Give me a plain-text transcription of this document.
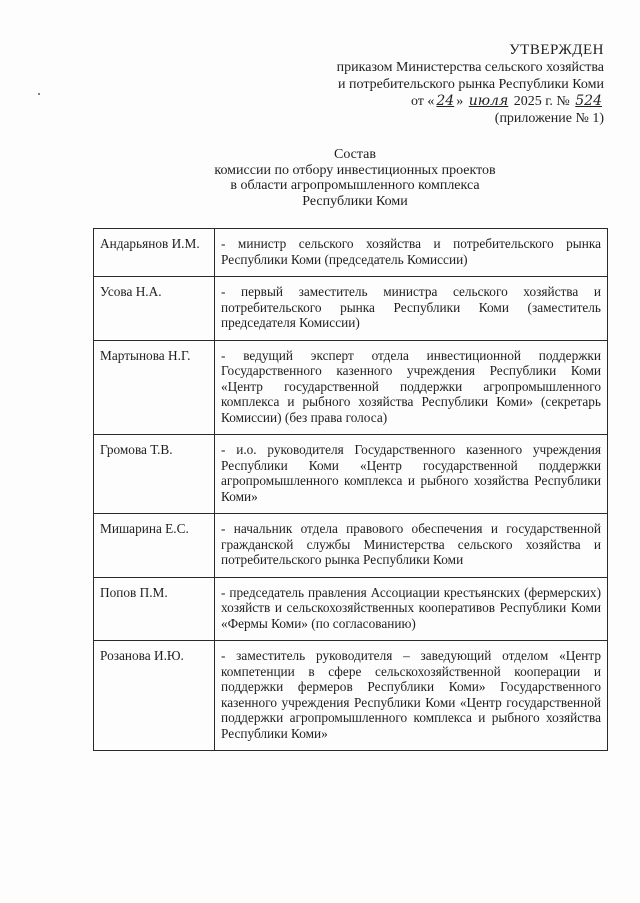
УТВЕРЖДЕН
приказом Министерства сельского хозяйства
и потребительского рынка Республики Коми
от « 24 » июля 2025 г. № 524
(приложение № 1)
Состав
комиссии по отбору инвестиционных проектов
в области агропромышленного комплекса
Республики Коми
Андарьянов И.М.	- министр сельского хозяйства и потребительского рынка Республики Коми (председатель Комиссии)
Усова Н.А.	- первый заместитель министра сельского хозяйства и потребительского рынка Республики Коми (заместитель председателя Комиссии)
Мартынова Н.Г.	- ведущий эксперт отдела инвестиционной поддержки Государственного казенного учреждения Республики Коми «Центр государственной поддержки агропромышленного комплекса и рыбного хозяйства Республики Коми» (секретарь Комиссии) (без права голоса)
Громова Т.В.	- и.о. руководителя Государственного казенного учреждения Республики Коми «Центр государственной поддержки агропромышленного комплекса и рыбного хозяйства Республики Коми»
Мишарина Е.С.	- начальник отдела правового обеспечения и государственной гражданской службы Министерства сельского хозяйства и потребительского рынка Республики Коми
Попов П.М.	- председатель правления Ассоциации крестьянских (фермерских) хозяйств и сельскохозяйственных кооперативов Республики Коми «Фермы Коми» (по согласованию)
Розанова И.Ю.	- заместитель руководителя – заведующий отделом «Центр компетенции в сфере сельскохозяйственной кооперации и поддержки фермеров Республики Коми» Государственного казенного учреждения Республики Коми «Центр государственной поддержки агропромышленного комплекса и рыбного хозяйства Республики Коми»
